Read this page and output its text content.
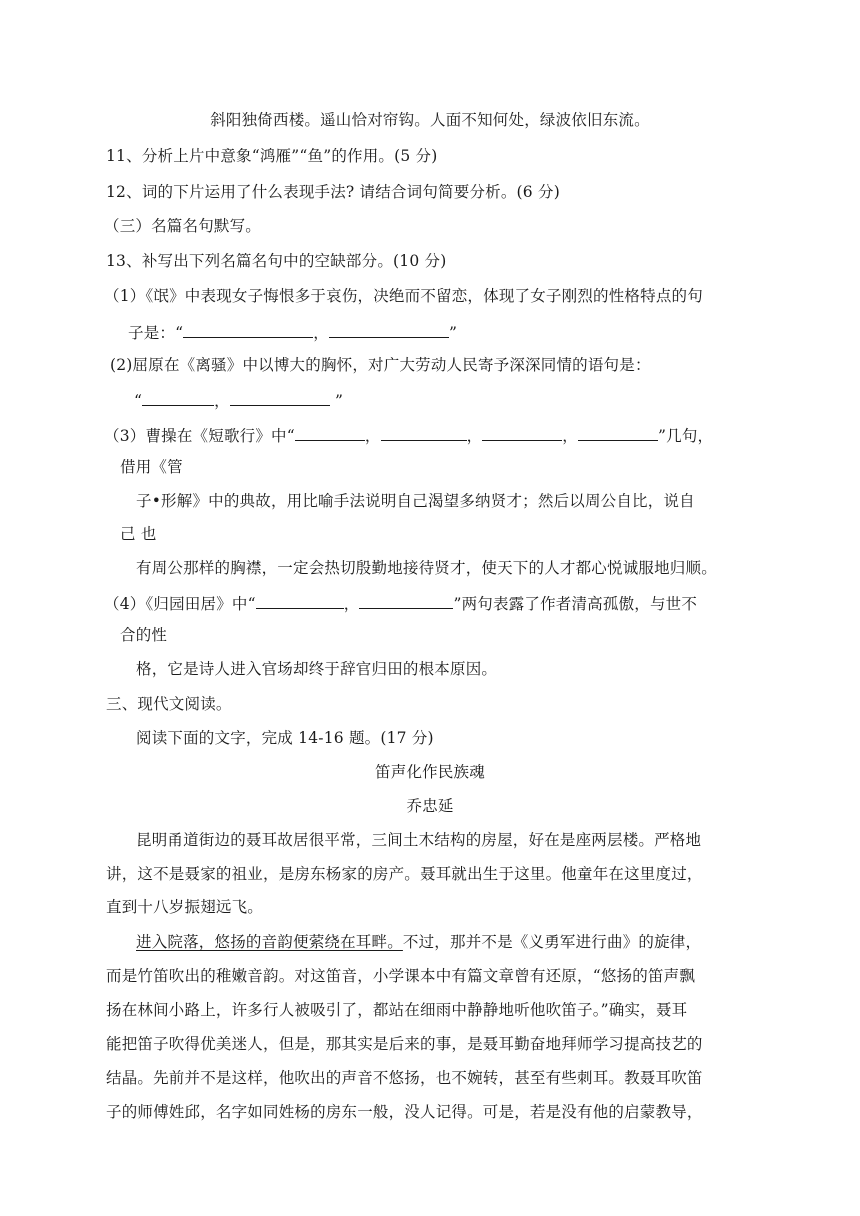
斜阳独倚西楼。遥山恰对帘钩。人面不知何处，绿波依旧东流。
11、分析上片中意象“鸿雁”“鱼”的作用。(5 分)
12、词的下片运用了什么表现手法? 请结合词句简要分析。(6 分)
（三）名篇名句默写。
13、补写出下列名篇名句中的空缺部分。(10 分)
（1）《氓》中表现女子悔恨多于哀伤，决绝而不留恋，体现了女子刚烈的性格特点的句
子是：“	，	”
(2)屈原在《离骚》中以博大的胸怀，对广大劳动人民寄予深深同情的语句是：
“	，	”
（3）曹操在《短歌行》中“	，	，	，	”几句，
借用《管
子•形解》中的典故，用比喻手法说明自己渴望多纳贤才；然后以周公自比，说自
己 也
有周公那样的胸襟，一定会热切殷勤地接待贤才，使天下的人才都心悦诚服地归顺。
（4）《归园田居》中“	，	”两句表露了作者清高孤傲，与世不
合的性
格，它是诗人进入官场却终于辞官归田的根本原因。
三、现代文阅读。
阅读下面的文字，完成 14-16 题。(17 分)
笛声化作民族魂
乔忠延
昆明甬道街边的聂耳故居很平常，三间土木结构的房屋，好在是座两层楼。严格地
讲，这不是聂家的祖业，是房东杨家的房产。聂耳就出生于这里。他童年在这里度过，
直到十八岁振翅远飞。
进入院落，悠扬的音韵便萦绕在耳畔。不过，那并不是《义勇军进行曲》的旋律，
而是竹笛吹出的稚嫩音韵。对这笛音，小学课本中有篇文章曾有还原，“悠扬的笛声飘
扬在林间小路上，许多行人被吸引了，都站在细雨中静静地听他吹笛子。”确实，聂耳
能把笛子吹得优美迷人，但是，那其实是后来的事，是聂耳勤奋地拜师学习提高技艺的
结晶。先前并不是这样，他吹出的声音不悠扬，也不婉转，甚至有些刺耳。教聂耳吹笛
子的师傅姓邱，名字如同姓杨的房东一般，没人记得。可是，若是没有他的启蒙教导，
